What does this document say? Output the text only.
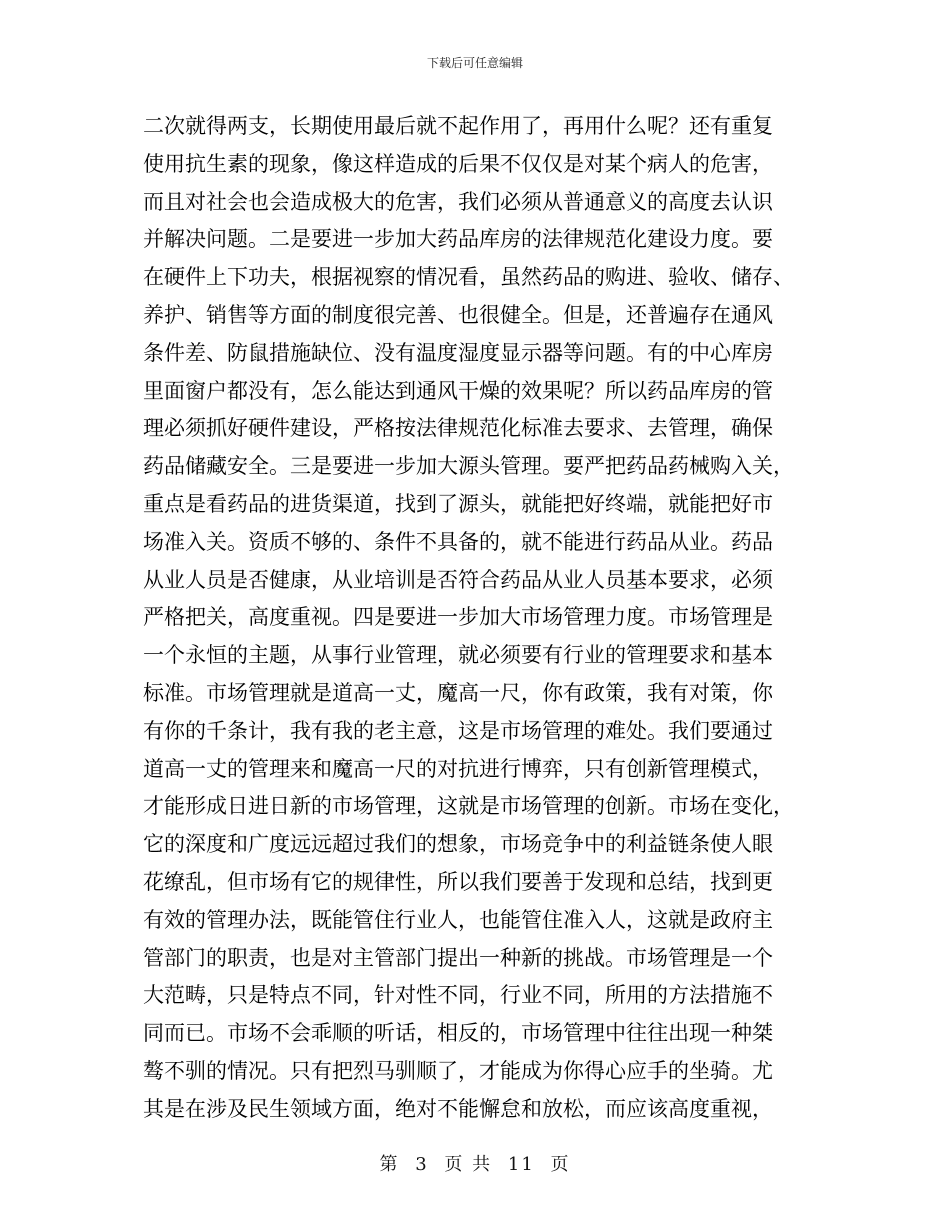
下载后可任意编辑
二次就得两支，长期使用最后就不起作用了，再用什么呢？还有重复
使用抗生素的现象，像这样造成的后果不仅仅是对某个病人的危害，
而且对社会也会造成极大的危害，我们必须从普通意义的高度去认识
并解决问题。二是要进一步加大药品库房的法律规范化建设力度。要
在硬件上下功夫，根据视察的情况看，虽然药品的购进、验收、储存、
养护、销售等方面的制度很完善、也很健全。但是，还普遍存在通风
条件差、防鼠措施缺位、没有温度湿度显示器等问题。有的中心库房
里面窗户都没有，怎么能达到通风干燥的效果呢？所以药品库房的管
理必须抓好硬件建设，严格按法律规范化标准去要求、去管理，确保
药品储藏安全。三是要进一步加大源头管理。要严把药品药械购入关，
重点是看药品的进货渠道，找到了源头，就能把好终端，就能把好市
场准入关。资质不够的、条件不具备的，就不能进行药品从业。药品
从业人员是否健康，从业培训是否符合药品从业人员基本要求，必须
严格把关，高度重视。四是要进一步加大市场管理力度。市场管理是
一个永恒的主题，从事行业管理，就必须要有行业的管理要求和基本
标准。市场管理就是道高一丈，魔高一尺，你有政策，我有对策，你
有你的千条计，我有我的老主意，这是市场管理的难处。我们要通过
道高一丈的管理来和魔高一尺的对抗进行博弈，只有创新管理模式，
才能形成日进日新的市场管理，这就是市场管理的创新。市场在变化，
它的深度和广度远远超过我们的想象，市场竞争中的利益链条使人眼
花缭乱，但市场有它的规律性，所以我们要善于发现和总结，找到更
有效的管理办法，既能管住行业人，也能管住准入人，这就是政府主
管部门的职责，也是对主管部门提出一种新的挑战。市场管理是一个
大范畴，只是特点不同，针对性不同，行业不同，所用的方法措施不
同而已。市场不会乖顺的听话，相反的，市场管理中往往出现一种桀
骜不驯的情况。只有把烈马驯顺了，才能成为你得心应手的坐骑。尤
其是在涉及民生领域方面，绝对不能懈怠和放松，而应该高度重视，
第 3 页 共 11 页
